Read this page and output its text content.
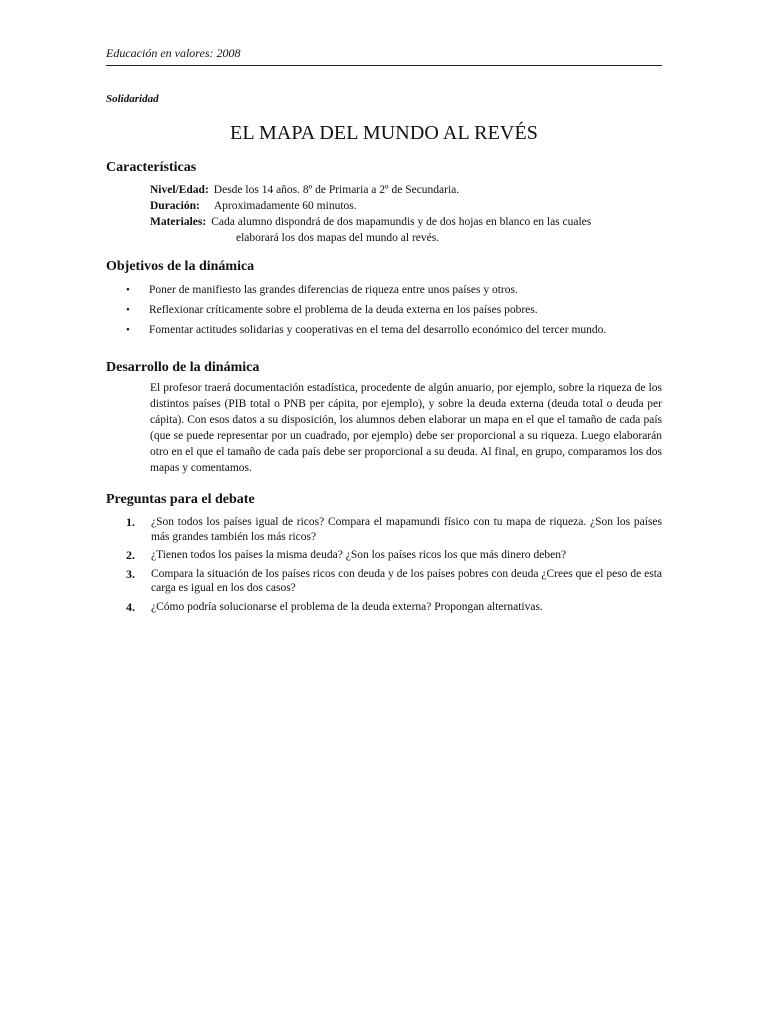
Educación en valores: 2008
Solidaridad
EL MAPA DEL MUNDO AL REVÉS
Características
Nivel/Edad: Desde los 14 años. 8º de Primaria a 2º de Secundaria.
Duración: Aproximadamente 60 minutos.
Materiales: Cada alumno dispondrá de dos mapamundis y de dos hojas en blanco en las cuales
elaborará los dos mapas del mundo al revés.
Objetivos de la dinámica
•	Poner de manifiesto las grandes diferencias de riqueza entre unos países y otros.
•	Reflexionar críticamente sobre el problema de la deuda externa en los países pobres.
•	Fomentar actitudes solidarias y cooperativas en el tema del desarrollo económico del tercer mundo.
Desarrollo de la dinámica
El profesor traerá documentación estadística, procedente de algún anuario, por ejemplo, sobre la riqueza de los distintos países (PIB total o PNB per cápita, por ejemplo), y sobre la deuda externa (deuda total o deuda per cápita). Con esos datos a su disposición, los alumnos deben elaborar un mapa en el que el tamaño de cada país (que se puede representar por un cuadrado, por ejemplo) debe ser proporcional a su riqueza. Luego elaborarán otro en el que el tamaño de cada país debe ser proporcional a su deuda. Al final, en grupo, comparamos los dos mapas y comentamos.
Preguntas para el debate
1.	¿Son todos los países igual de ricos? Compara el mapamundi físico con tu mapa de riqueza. ¿Son los países más grandes también los más ricos?
2.	¿Tienen todos los países la misma deuda? ¿Son los países ricos los que más dinero deben?
3.	Compara la situación de los países ricos con deuda y de los países pobres con deuda ¿Crees que el peso de esta carga es igual en los dos casos?
4.	¿Cómo podría solucionarse el problema de la deuda externa? Propongan alternativas.
